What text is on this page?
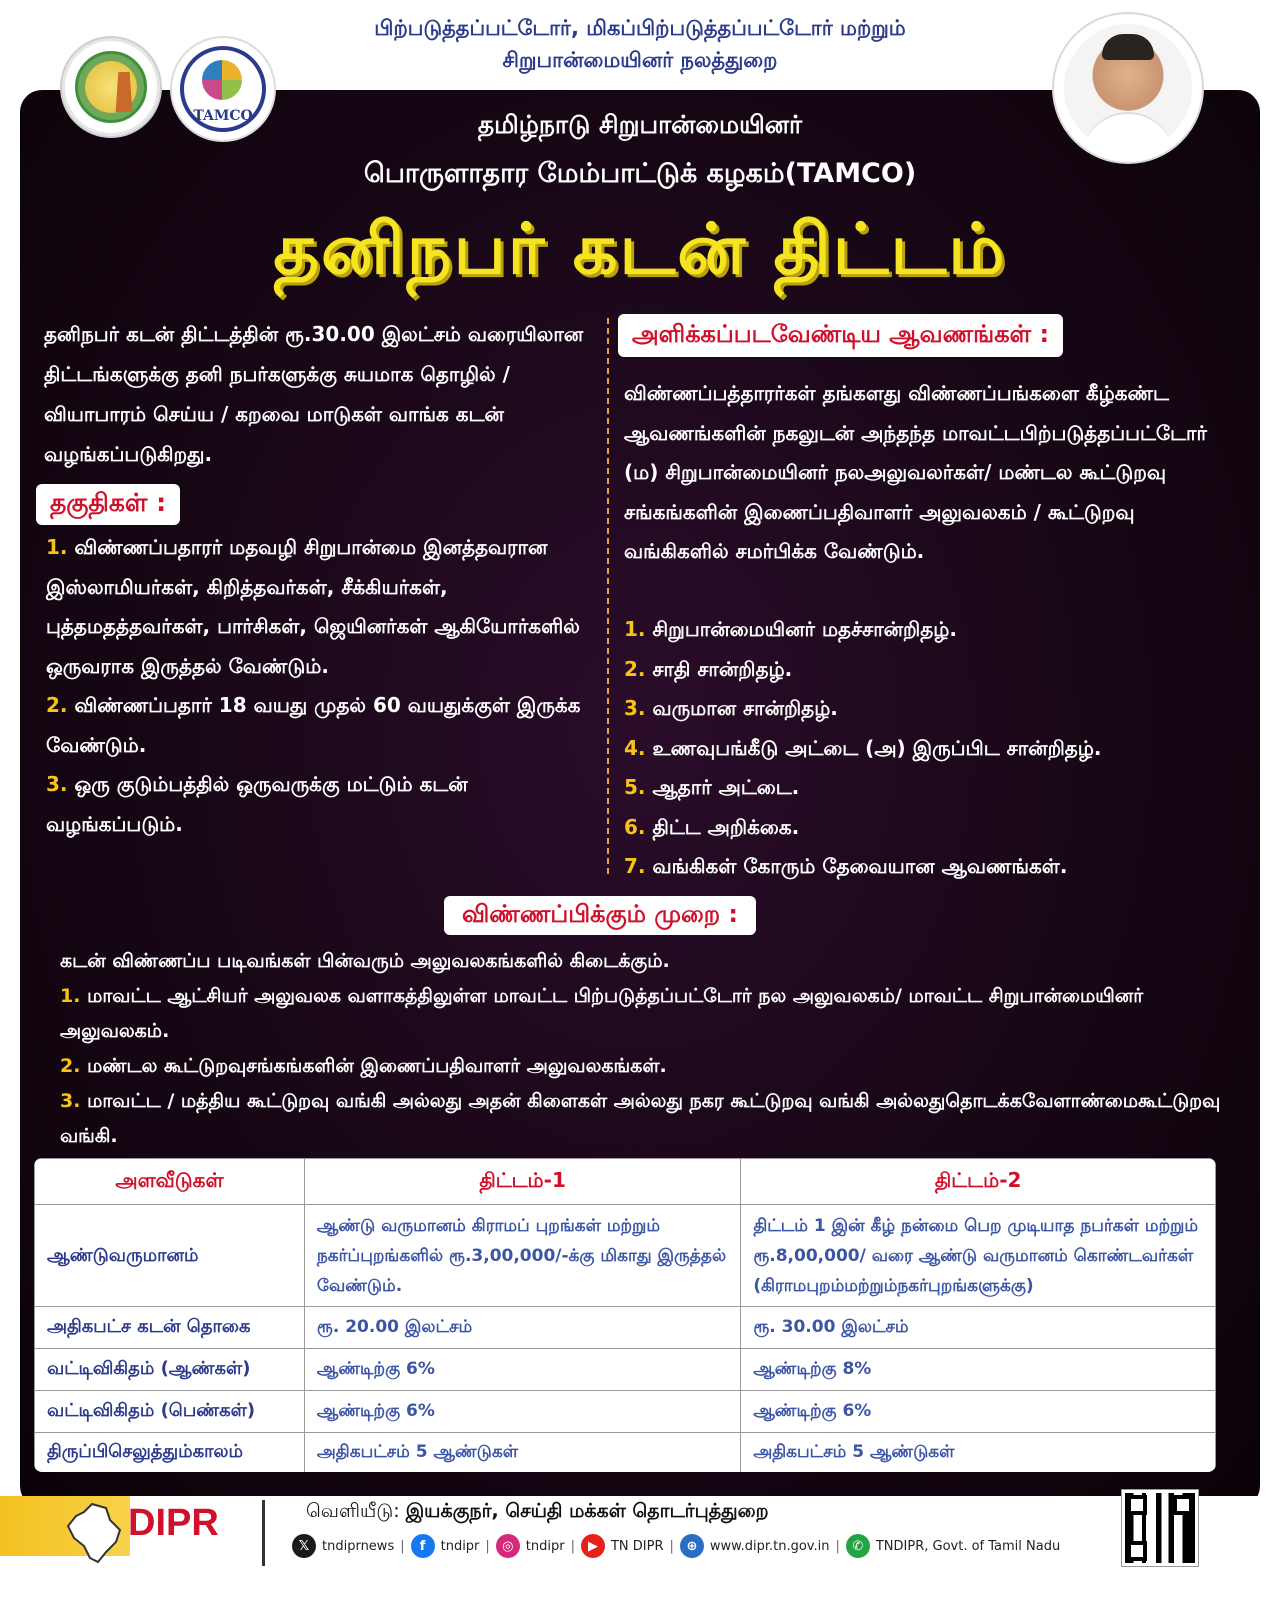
பிற்படுத்தப்பட்டோர், மிகப்பிற்படுத்தப்பட்டோர் மற்றும்
சிறுபான்மையினர் நலத்துறை
TAMCO	தமிழ்நாடு சிறுபான்மையினர்
பொருளாதார மேம்பாட்டுக் கழகம்(TAMCO)
தனிநபர் கடன் திட்டம்

தனிநபர் கடன் திட்டத்தின் ரூ.30.00 இலட்சம் வரையிலான திட்டங்களுக்கு தனி நபர்களுக்கு சுயமாக தொழில் / வியாபாரம் செய்ய / கறவை மாடுகள் வாங்க கடன் வழங்கப்படுகிறது.

தகுதிகள் :

1. விண்ணப்பதாரர் மதவழி சிறுபான்மை இனத்தவரான இஸ்லாமியர்கள், கிறித்தவர்கள், சீக்கியர்கள், புத்தமதத்தவர்கள், பார்சிகள், ஜெயினர்கள் ஆகியோர்களில் ஒருவராக இருத்தல் வேண்டும்.

2. விண்ணப்பதார் 18 வயது முதல் 60 வயதுக்குள் இருக்க வேண்டும்.

3. ஒரு குடும்பத்தில் ஒருவருக்கு மட்டும் கடன் வழங்கப்படும்.

அளிக்கப்படவேண்டிய ஆவணங்கள் :

விண்ணப்பத்தாரர்கள் தங்களது விண்ணப்பங்களை கீழ்கண்ட ஆவணங்களின் நகலுடன் அந்தந்த மாவட்டபிற்படுத்தப்பட்டோர் (ம) சிறுபான்மையினர் நலஅலுவலர்கள்/ மண்டல கூட்டுறவு சங்கங்களின் இணைப்பதிவாளர் அலுவலகம் / கூட்டுறவு வங்கிகளில் சமர்பிக்க வேண்டும்.

1. சிறுபான்மையினர் மதச்சான்றிதழ்.

2. சாதி சான்றிதழ்.

3. வருமான சான்றிதழ்.

4. உணவுபங்கீடு அட்டை (அ) இருப்பிட சான்றிதழ்.

5. ஆதார் அட்டை.

6. திட்ட அறிக்கை.

7. வங்கிகள் கோரும் தேவையான ஆவணங்கள்.

விண்ணப்பிக்கும் முறை :

கடன் விண்ணப்ப படிவங்கள் பின்வரும் அலுவலகங்களில் கிடைக்கும்.

1. மாவட்ட ஆட்சியர் அலுவலக வளாகத்திலுள்ள மாவட்ட பிற்படுத்தப்பட்டோர் நல அலுவலகம்/ மாவட்ட சிறுபான்மையினர் அலுவலகம்.

2. மண்டல கூட்டுறவுசங்கங்களின் இணைப்பதிவாளர் அலுவலகங்கள்.

3. மாவட்ட / மத்திய கூட்டுறவு வங்கி அல்லது அதன் கிளைகள் அல்லது நகர கூட்டுறவு வங்கி அல்லதுதொடக்கவேளாண்மைகூட்டுறவு வங்கி.

அளவீடுகள்	திட்டம்-1	திட்டம்-2
ஆண்டுவருமானம்	ஆண்டு வருமானம் கிராமப் புறங்கள் மற்றும் நகர்ப்புறங்களில் ரூ.3,00,000/-க்கு மிகாது இருத்தல் வேண்டும்.	திட்டம் 1 இன் கீழ் நன்மை பெற முடியாத நபர்கள் மற்றும் ரூ.8,00,000/ வரை ஆண்டு வருமானம் கொண்டவர்கள் (கிராமபுறம்மற்றும்நகர்புறங்களுக்கு)
அதிகபட்ச கடன் தொகை	ரூ. 20.00 இலட்சம்	ரூ. 30.00 இலட்சம்
வட்டிவிகிதம் (ஆண்கள்)	ஆண்டிற்கு 6%	ஆண்டிற்கு 8%
வட்டிவிகிதம் (பெண்கள்)	ஆண்டிற்கு 6%	ஆண்டிற்கு 6%
திருப்பிசெலுத்தும்காலம்	அதிகபட்சம் 5 ஆண்டுகள்	அதிகபட்சம் 5 ஆண்டுகள்
DIPR	வெளியீடு: இயக்குநர், செய்தி மக்கள் தொடர்புத்துறை
𝕏 tndiprnews |	f	tndipr | ◎ tndipr |	▶	TN DIPR | ⊕ www.dipr.tn.gov.in | ✆ TNDIPR, Govt. of Tamil Nadu
